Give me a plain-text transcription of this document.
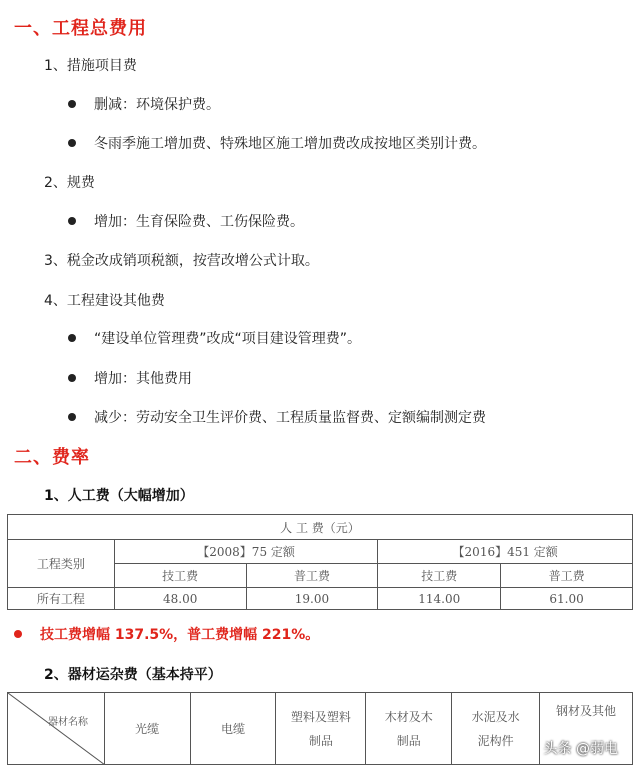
一、工程总费用
1、措施项目费
删减：环境保护费。
冬雨季施工增加费、特殊地区施工增加费改成按地区类别计费。
2、规费
增加：生育保险费、工伤保险费。
3、税金改成销项税额，按营改增公式计取。
4、工程建设其他费
“建设单位管理费”改成“项目建设管理费”。
增加：其他费用
减少：劳动安全卫生评价费、工程质量监督费、定额编制测定费
二、费率
1、人工费（大幅增加）
人 工 费（元）				
工程类别	【2008】75 定额		【2016】451 定额	
	技工费	普工费	技工费	普工费
所有工程	48.00	19.00	114.00	61.00
技工费增幅 137.5%，普工费增幅 221%。
2、器材运杂费（基本持平）
器材名称	光缆	电缆	塑料及塑料制品	木材及木制品	水泥及水泥构件	钢材及其他
头条 @弱电
